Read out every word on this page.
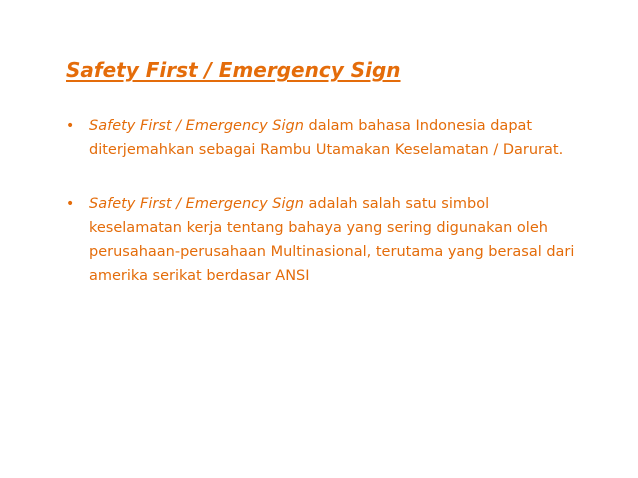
Safety First / Emergency Sign
•	Safety First / Emergency Sign dalam bahasa Indonesia dapat diterjemahkan sebagai Rambu Utamakan Keselamatan / Darurat.
•	Safety First / Emergency Sign adalah salah satu simbol keselamatan kerja tentang bahaya yang sering digunakan oleh perusahaan-perusahaan Multinasional, terutama yang berasal dari amerika serikat berdasar ANSI
